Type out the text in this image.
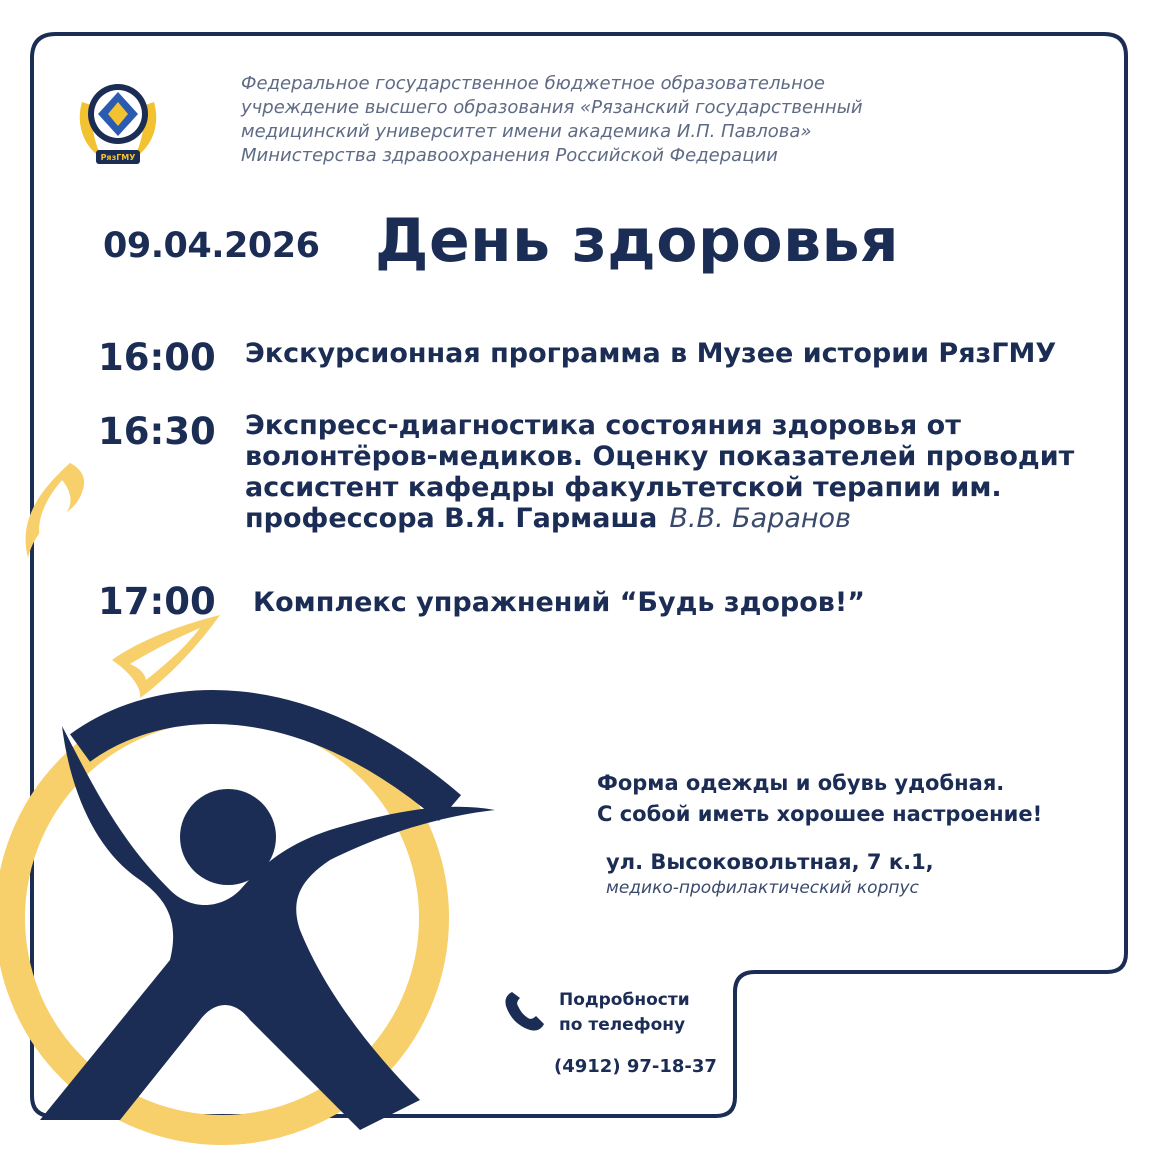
РязГМУ
Федеральное государственное бюджетное образовательное
учреждение высшего образования «Рязанский государственный
медицинский университет имени академика И.П. Павлова»
Министерства здравоохранения Российской Федерации
09.04.2026 День здоровья
16:00 Экскурсионная программа в Музее истории РязГМУ
16:30 Экспресс-диагностика состояния здоровья от
волонтёров-медиков. Оценку показателей проводит
ассистент кафедры факультетской терапии им.
профессора В.Я. Гармаша В.В. Баранов
17:00 Комплекс упражнений “Будь здоров!”
Форма одежды и обувь удобная.
С собой иметь хорошее настроение!
ул. Высоковольтная, 7 к.1,
медико-профилактический корпус
Подробности
по телефону
(4912) 97-18-37
